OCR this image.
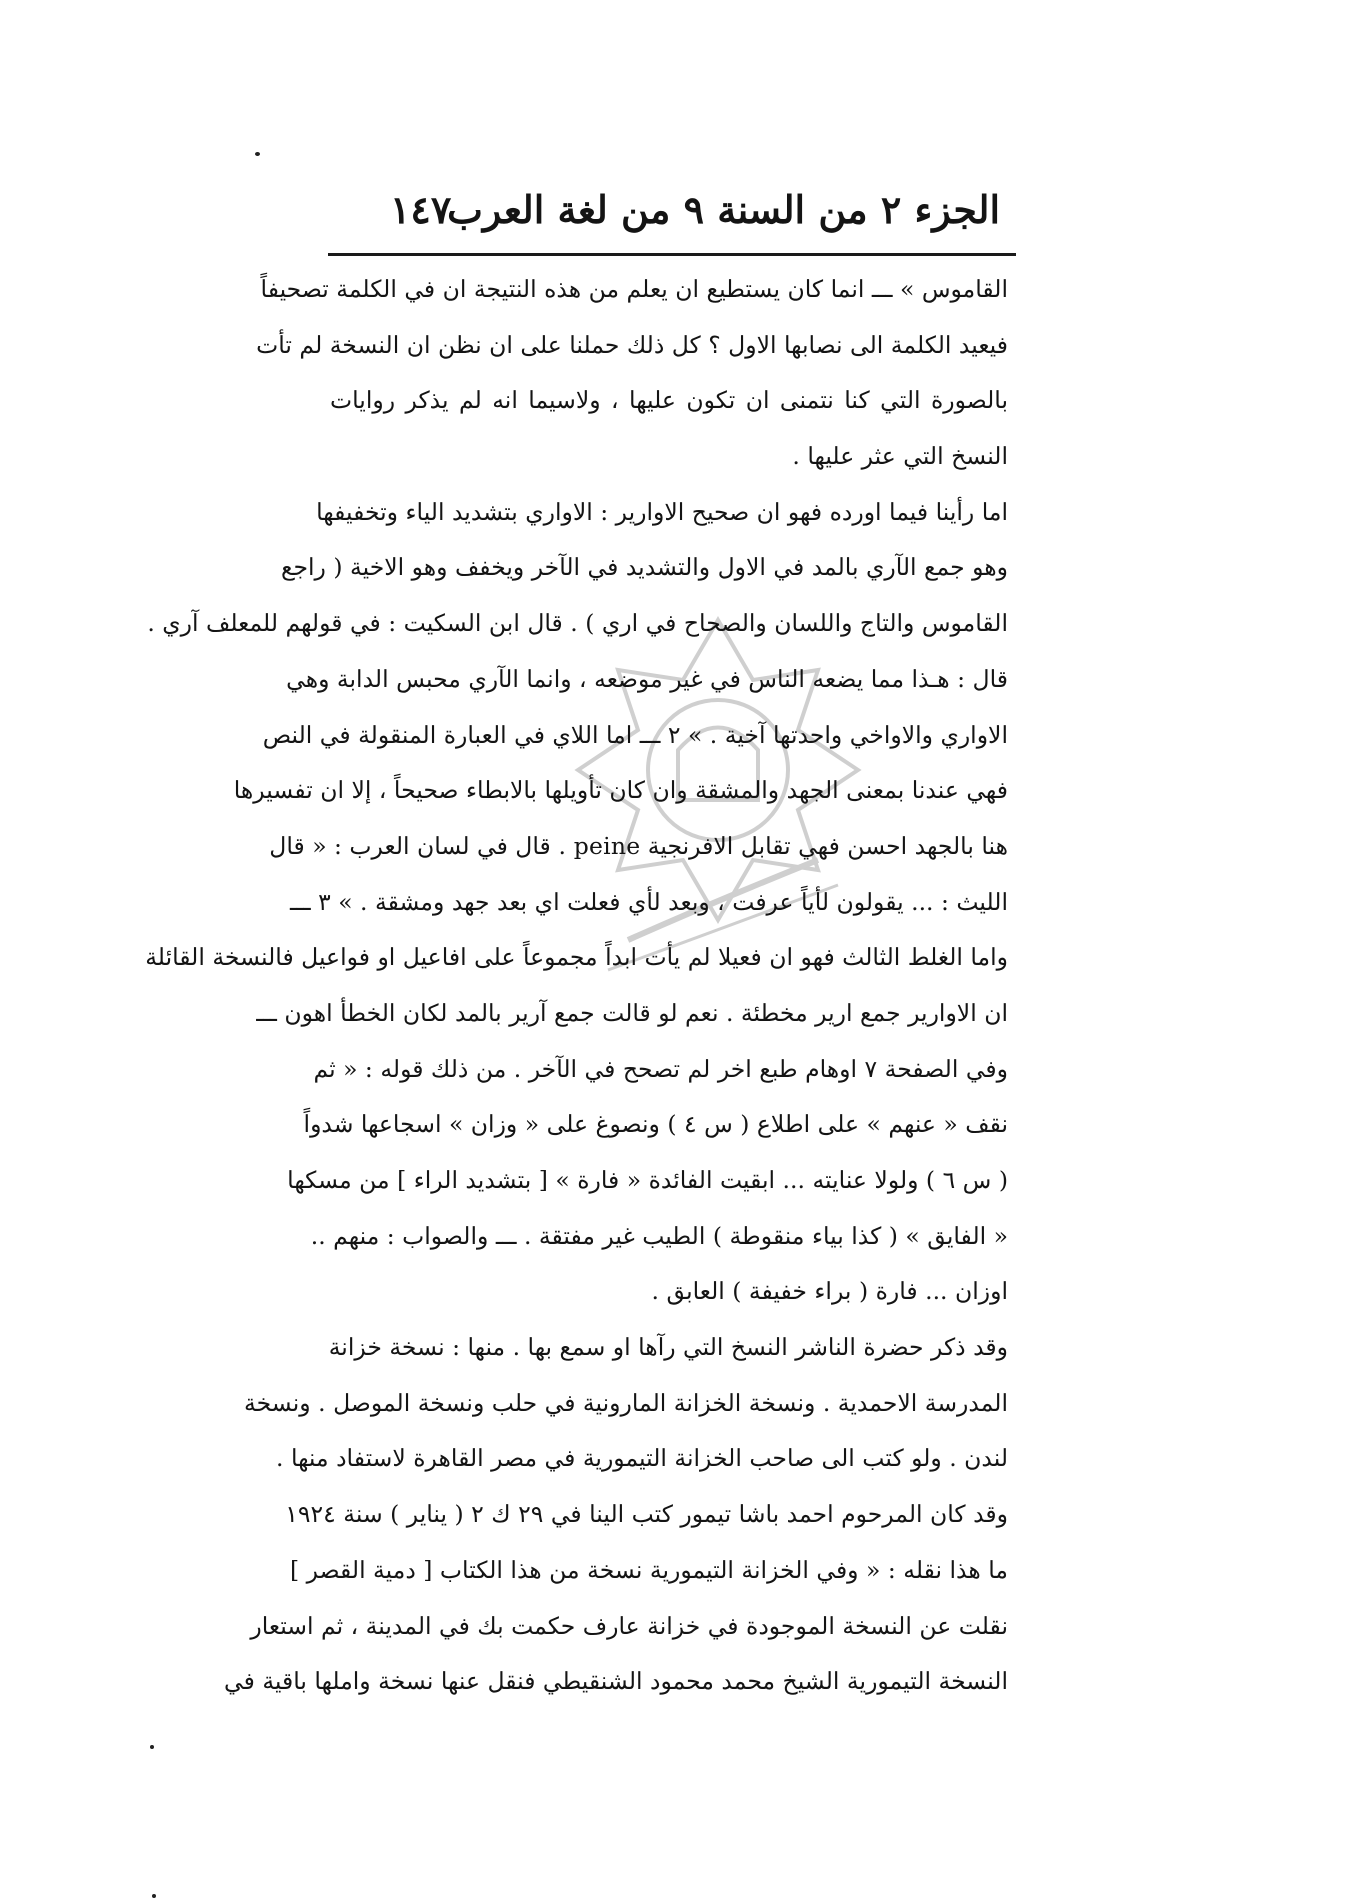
الجزء ٢ من السنة ٩ من لغة العرب
١٤٧
القاموس » ـــ انما كان يستطيع ان يعلم من هذه النتيجة ان في الكلمة تصحيفاً
فيعيد الكلمة الى نصابها الاول ؟ كل ذلك حملنا على ان نظن ان النسخة لم تأت
بالصورة التي كنا نتمنى ان تكون عليها ، ولاسيما انه لم يذكر روايات
النسخ التي عثر عليها .
اما رأينا فيما اورده فهو ان صحيح الاوارير : الاواري بتشديد الياء وتخفيفها
وهو جمع الآري بالمد في الاول والتشديد في الآخر ويخفف وهو الاخية ( راجع
القاموس والتاج واللسان والصحاح في اري ) . قال ابن السكيت : في قولهم للمعلف آري .
قال : هـذا مما يضعه الناس في غير موضعه ، وانما الآري محبس الدابة وهي
الاواري والاواخي واحدتها آخية . » ٢ ـــ اما اللاي في العبارة المنقولة في النص
فهي عندنا بمعنى الجهد والمشقة وان كان تأويلها بالابطاء صحيحاً ، إلا ان تفسيرها
هنا بالجهد احسن فهي تقابل الافرنجية peine . قال في لسان العرب : « قال
الليث : ... يقولون لأياً عرفت ، وبعد لأي فعلت اي بعد جهد ومشقة . » ٣ ـــ
واما الغلط الثالث فهو ان فعيلا لم يأت ابداً مجموعاً على افاعيل او فواعيل فالنسخة القائلة
ان الاوارير جمع ارير مخطئة . نعم لو قالت جمع آرير بالمد لكان الخطأ اهون ـــ
وفي الصفحة ٧ اوهام طبع اخر لم تصحح في الآخر . من ذلك قوله : « ثم
نقف « عنهم » على اطلاع ( س ٤ ) ونصوغ على « وزان » اسجاعها شدواً
( س ٦ ) ولولا عنايته ... ابقيت الفائدة « فارة » [ بتشديد الراء ] من مسكها
« الفايق » ( كذا بياء منقوطة ) الطيب غير مفتقة . ـــ والصواب : منهم ..
اوزان ... فارة ( براء خفيفة ) العابق .
وقد ذكر حضرة الناشر النسخ التي رآها او سمع بها . منها : نسخة خزانة
المدرسة الاحمدية . ونسخة الخزانة المارونية في حلب ونسخة الموصل . ونسخة
لندن . ولو كتب الى صاحب الخزانة التيمورية في مصر القاهرة لاستفاد منها .
وقد كان المرحوم احمد باشا تيمور كتب الينا في ٢٩ ك ٢ ( يناير ) سنة ١٩٢٤
ما هذا نقله : « وفي الخزانة التيمورية نسخة من هذا الكتاب [ دمية القصر ]
نقلت عن النسخة الموجودة في خزانة عارف حكمت بك في المدينة ، ثم استعار
النسخة التيمورية الشيخ محمد محمود الشنقيطي فنقل عنها نسخة واملها باقية في
